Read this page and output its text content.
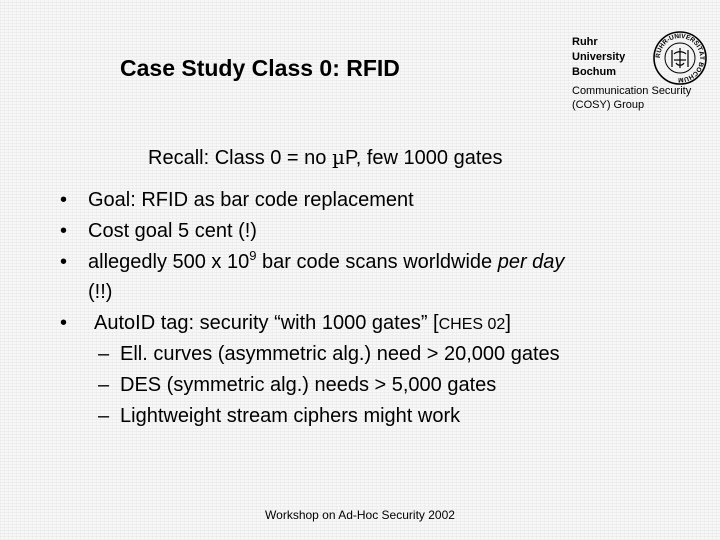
Case Study Class 0: RFID
Ruhr
University
Bochum
RUHR-UNIVERSITÄT BOCHUM
Communication Security
(COSY) Group
Recall: Class 0 = no µP, few 1000 gates
• Goal: RFID as bar code replacement
• Cost goal 5 cent (!)
• allegedly 500 x $10^9$ bar code scans worldwide per day
(!!)
• AutoID tag: security “with 1000 gates” [CHES 02]
– Ell. curves (asymmetric alg.) need > 20,000 gates
– DES (symmetric alg.) needs > 5,000 gates
– Lightweight stream ciphers might work
Workshop on Ad-Hoc Security 2002
